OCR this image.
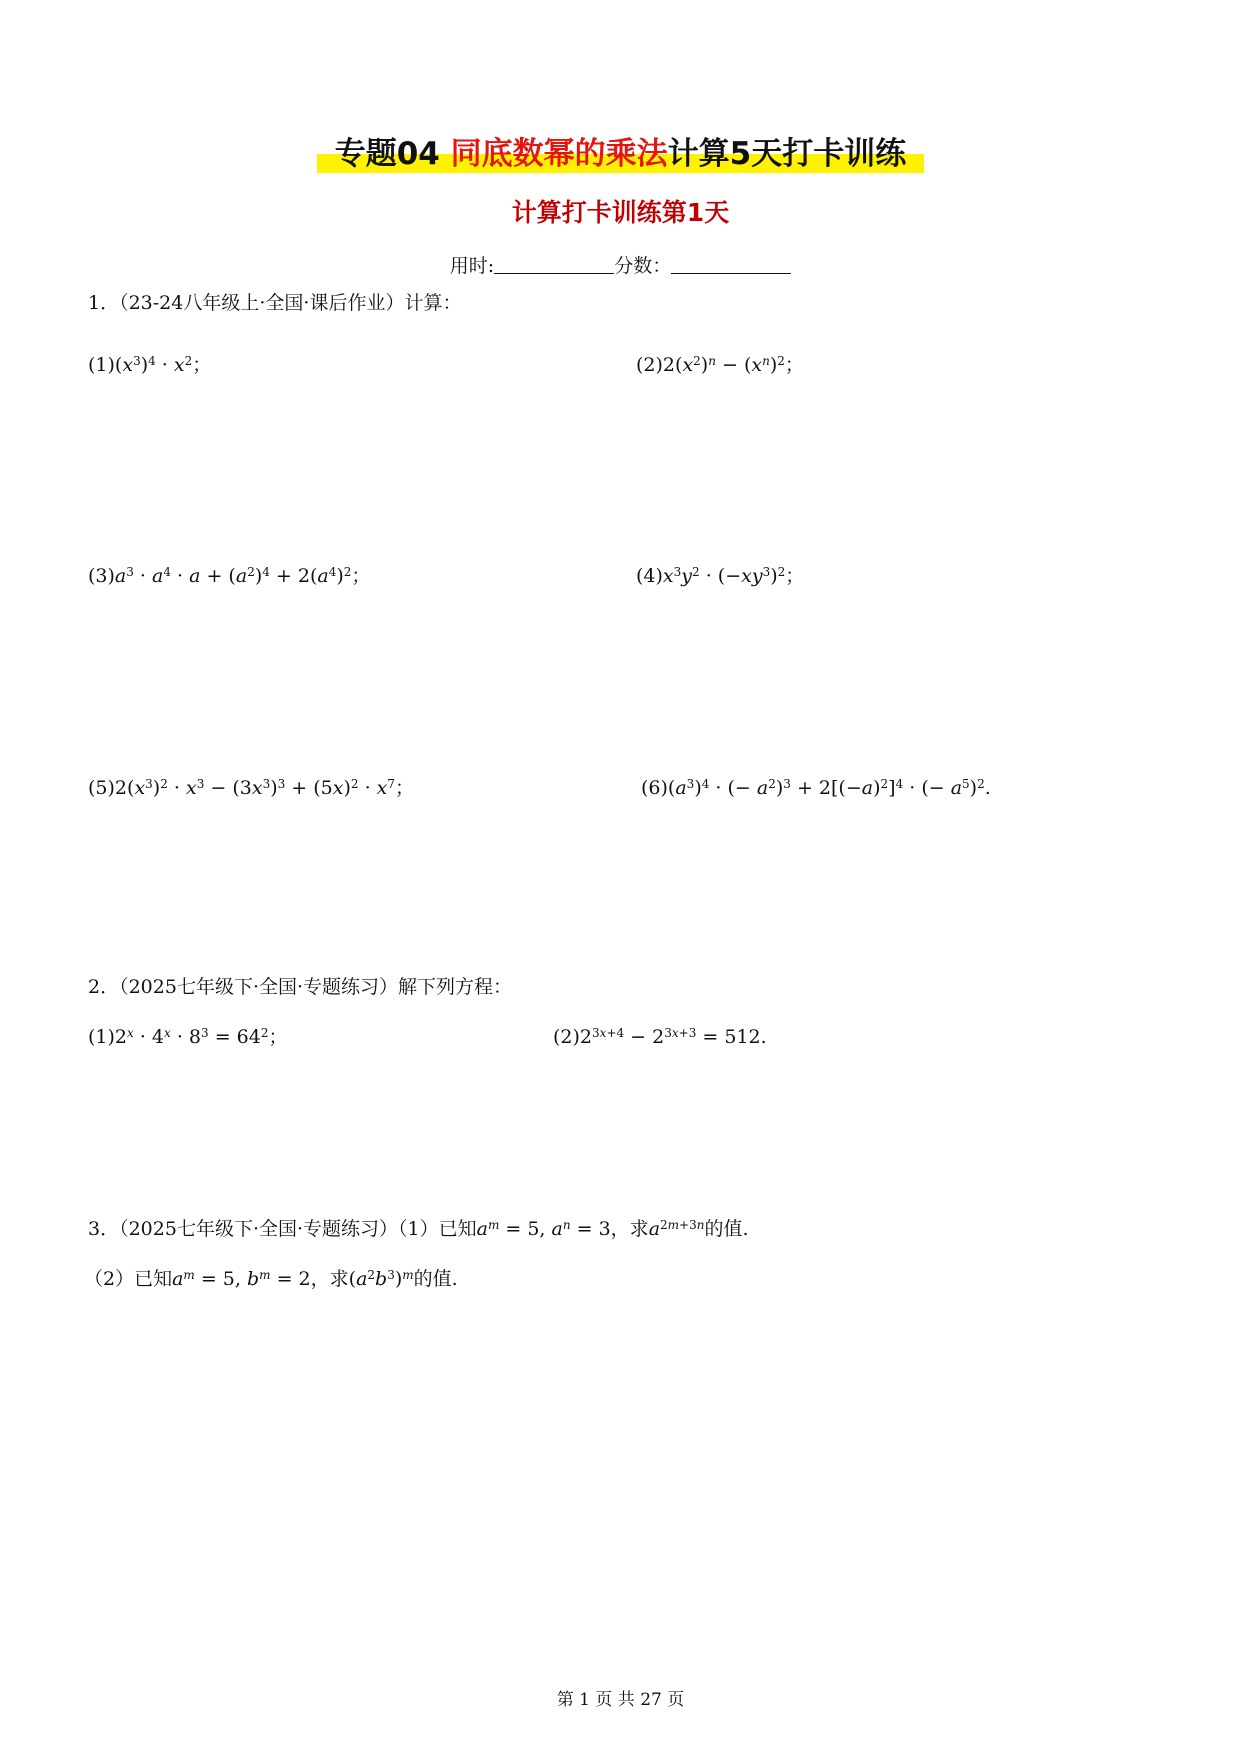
专题04 同底数幂的乘法计算5天打卡训练
计算打卡训练第1天
用时:	分数：
1．（23-24八年级上·全国·课后作业）计算：
$(1)(x^3)^4 \cdot x^2$；	$(2)2(x^2)^n - (x^n)^2$；
$(3)a^3 \cdot a^4 \cdot a + (a^2)^4 + 2(a^4)^2$；	$(4)x^3y^2 \cdot (-xy^3)^2$；
$(5)2(x^3)^2 \cdot x^3 - (3x^3)^3 + (5x)^2 \cdot x^7$；	$(6)(a^3)^4$ · (− $a^2)^3 + 2[(-a)^2]^4$ · (− $a^5)^2$.
2．（2025七年级下·全国·专题练习）解下列方程：
$(1)2^x \cdot 4^x \cdot 8^3 = 64^2$；	$(2)2^{3x+4} - 2^{3x+3} = 512$.
3．（2025七年级下·全国·专题练习）（1）已知$a^m = 5$, $a^n = 3$，求$a^{2m+3n}$的值.
（2）已知$a^m = 5$, $b^m = 2$，求$(a^2b^3)^m$的值.
第 1 页 共 27 页
